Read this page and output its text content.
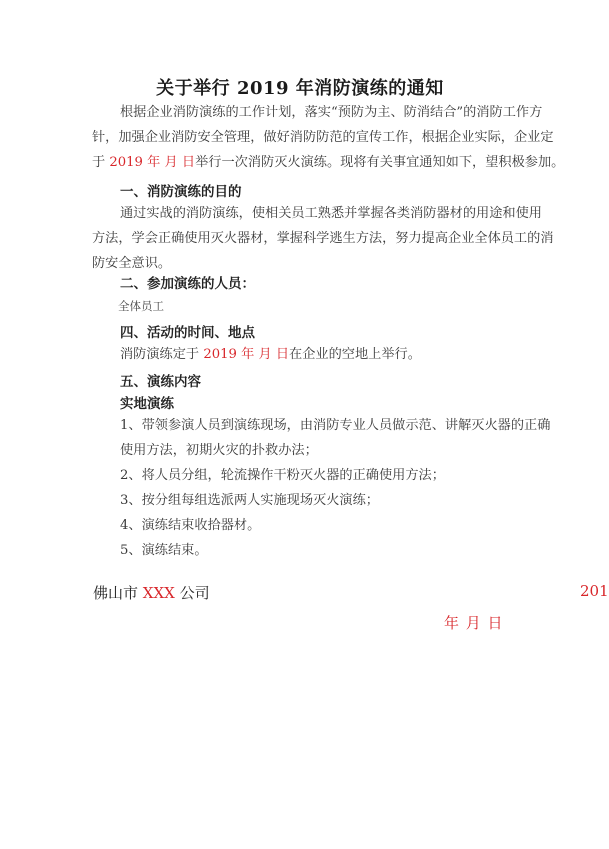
关于举行 2019 年消防演练的通知
根据企业消防演练的工作计划，落实“预防为主、防消结合”的消防工作方
针，加强企业消防安全管理，做好消防防范的宣传工作，根据企业实际，企业定
于 2019 年 月 日举行一次消防灭火演练。现将有关事宜通知如下，望积极参加。
一、消防演练的目的
通过实战的消防演练，使相关员工熟悉并掌握各类消防器材的用途和使用
方法，学会正确使用灭火器材，掌握科学逃生方法，努力提高企业全体员工的消
防安全意识。
二、参加演练的人员：
全体员工
四、活动的时间、地点
消防演练定于 2019 年 月 日在企业的空地上举行。
五、演练内容
实地演练
1、带领参演人员到演练现场，由消防专业人员做示范、讲解灭火器的正确
使用方法，初期火灾的扑救办法；
2、将人员分组，轮流操作干粉灭火器的正确使用方法；
3、按分组每组选派两人实施现场灭火演练；
4、演练结束收拾器材。
5、演练结束。
佛山市 XXX 公司	201
年 月 日
